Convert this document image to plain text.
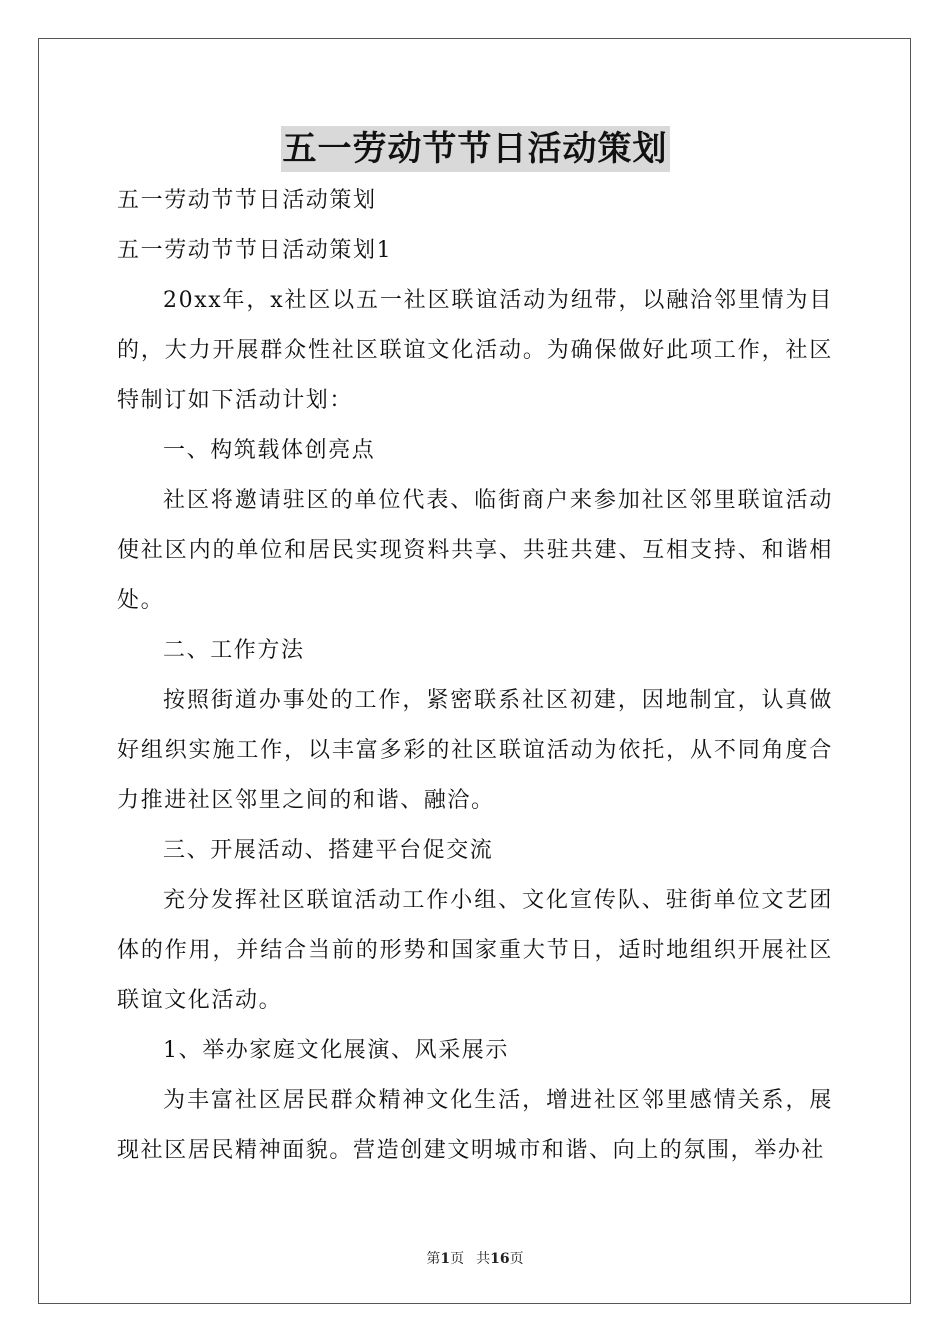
五一劳动节节日活动策划

五一劳动节节日活动策划

五一劳动节节日活动策划1

20xx年，x社区以五一社区联谊活动为纽带，以融洽邻里情为目的，大力开展群众性社区联谊文化活动。为确保做好此项工作，社区特制订如下活动计划：

一、构筑载体创亮点

社区将邀请驻区的单位代表、临街商户来参加社区邻里联谊活动使社区内的单位和居民实现资料共享、共驻共建、互相支持、和谐相处。

二、工作方法

按照街道办事处的工作，紧密联系社区初建，因地制宜，认真做好组织实施工作，以丰富多彩的社区联谊活动为依托，从不同角度合力推进社区邻里之间的和谐、融洽。

三、开展活动、搭建平台促交流

充分发挥社区联谊活动工作小组、文化宣传队、驻街单位文艺团体的作用，并结合当前的形势和国家重大节日，适时地组织开展社区联谊文化活动。

1、举办家庭文化展演、风采展示

为丰富社区居民群众精神文化生活，增进社区邻里感情关系，展现社区居民精神面貌。营造创建文明城市和谐、向上的氛围，举办社

第1页 共16页
